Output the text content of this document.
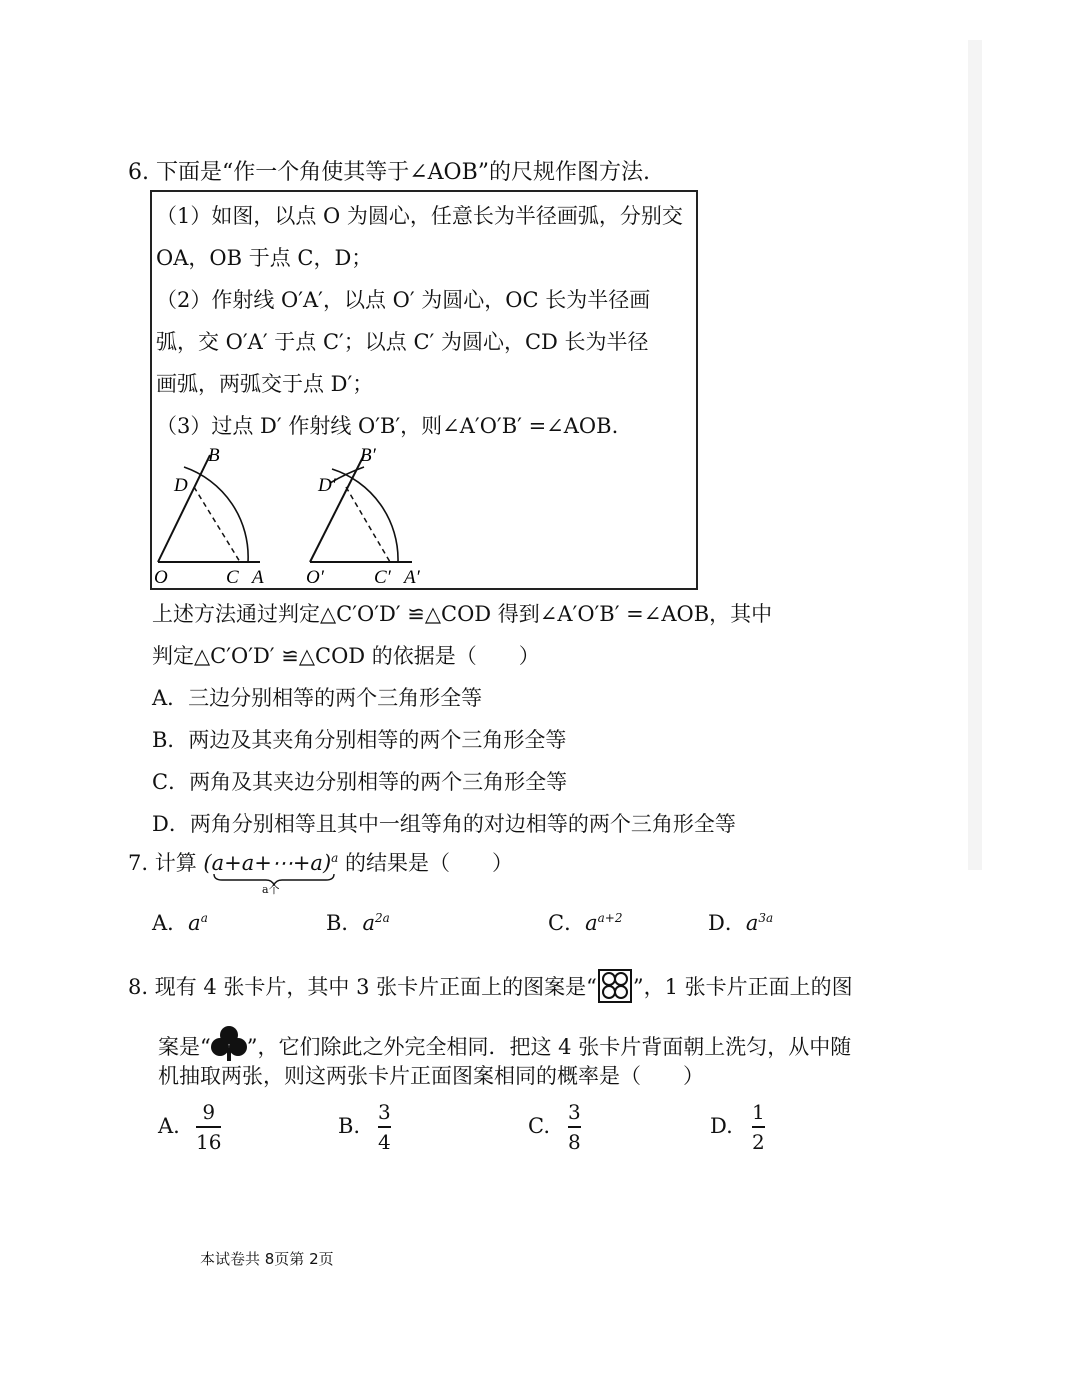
6. 下面是“作一个角使其等于∠AOB”的尺规作图方法.
（1）如图，以点 O 为圆心，任意长为半径画弧，分别交
OA，OB 于点 C，D；
（2）作射线 O′A′，以点 O′ 为圆心，OC 长为半径画
弧，交 O′A′ 于点 C′；以点 C′ 为圆心，CD 长为半径
画弧，两弧交于点 D′；
（3）过点 D′ 作射线 O′B′，则∠A′O′B′ =∠AOB.
B
D
O	C A
B′
D′
O′	C′ A′
上述方法通过判定△C′O′D′ ≌△COD 得到∠A′O′B′ =∠AOB，其中
判定△C′O′D′ ≌△COD 的依据是（　　）
A．三边分别相等的两个三角形全等
B．两边及其夹角分别相等的两个三角形全等
C．两角及其夹边分别相等的两个三角形全等
D．两角分别相等且其中一组等角的对边相等的两个三角形全等
7. 计算 (a+a+⋯+a)$^a$ 的结果是（　　）
a个
A．$a^a$	B．$a^{2a}$	C．$a^{a+2}$	D．$a^{3a}$
8. 现有 4 张卡片，其中 3 张卡片正面上的图案是“ ”，1 张卡片正面上的图
案是“ ”，它们除此之外完全相同．把这 4 张卡片背面朝上洗匀，从中随
机抽取两张，则这两张卡片正面图案相同的概率是（　　）
A.
9
16
B.
3
4
C.
3
8
D.
1
2
本试卷共 8页第 2页
